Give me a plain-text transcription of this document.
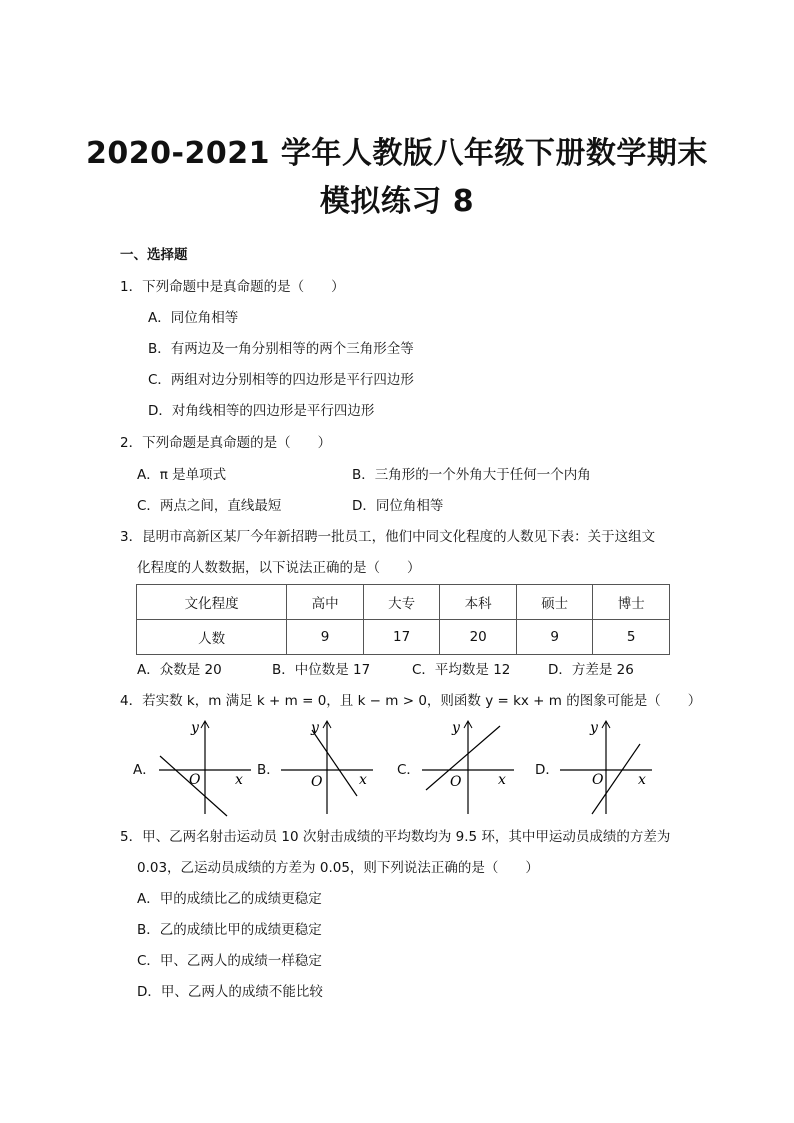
2020-2021 学年人教版八年级下册数学期末
模拟练习 8
一、选择题
1．下列命题中是真命题的是（　　）
A．同位角相等
B．有两边及一角分别相等的两个三角形全等
C．两组对边分别相等的四边形是平行四边形
D．对角线相等的四边形是平行四边形
2．下列命题是真命题的是（　　）
A．π 是单项式	B．三角形的一个外角大于任何一个内角
C．两点之间，直线最短	D．同位角相等
3．昆明市高新区某厂今年新招聘一批员工，他们中同文化程度的人数见下表：关于这组文
化程度的人数数据，以下说法正确的是（　　）
文化程度	高中	大专	本科	硕士	博士
人数	9	17	20	9	5
A．众数是 20	B．中位数是 17	C．平均数是 12	D．方差是 26
4．若实数 k，m 满足 k + m = 0，且 k − m > 0，则函数 y = kx + m 的图象可能是（　　）
A．
y
x
O
B．
y
x
O
C．
y
x
O
D．
y
x
O
5．甲、乙两名射击运动员 10 次射击成绩的平均数均为 9.5 环，其中甲运动员成绩的方差为
0.03，乙运动员成绩的方差为 0.05，则下列说法正确的是（　　）
A．甲的成绩比乙的成绩更稳定
B．乙的成绩比甲的成绩更稳定
C．甲、乙两人的成绩一样稳定
D．甲、乙两人的成绩不能比较
